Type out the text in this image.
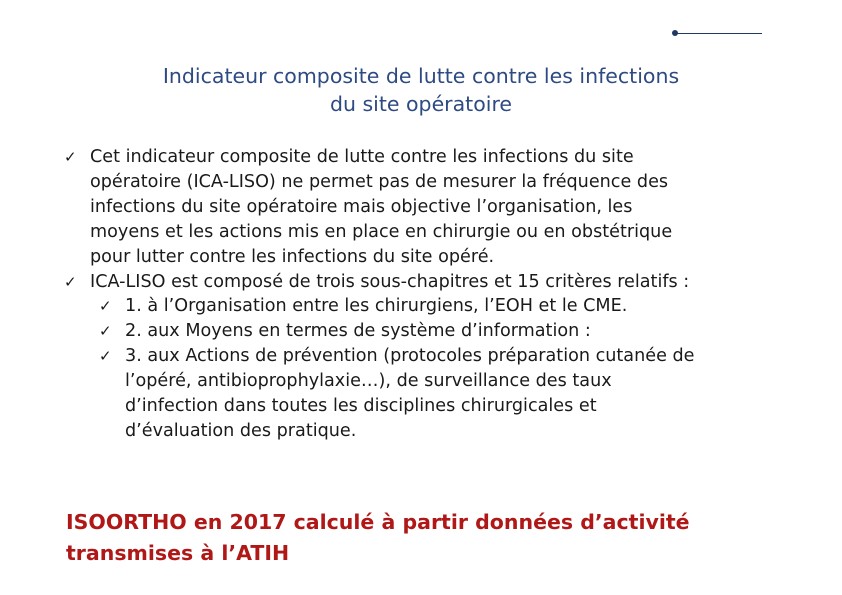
Indicateur composite de lutte contre les infections
du site opératoire
✓ Cet indicateur composite de lutte contre les infections du site
opératoire (ICA-LISO) ne permet pas de mesurer la fréquence des
infections du site opératoire mais objective l’organisation, les
moyens et les actions mis en place en chirurgie ou en obstétrique
pour lutter contre les infections du site opéré.
✓ ICA-LISO est composé de trois sous-chapitres et 15 critères relatifs :
✓ 1. à l’Organisation entre les chirurgiens, l’EOH et le CME.
✓ 2. aux Moyens en termes de système d’information :
✓ 3. aux Actions de prévention (protocoles préparation cutanée de
l’opéré, antibioprophylaxie…), de surveillance des taux
d’infection dans toutes les disciplines chirurgicales et
d’évaluation des pratique.
ISOORTHO en 2017 calculé à partir données d’activité
transmises à l’ATIH
